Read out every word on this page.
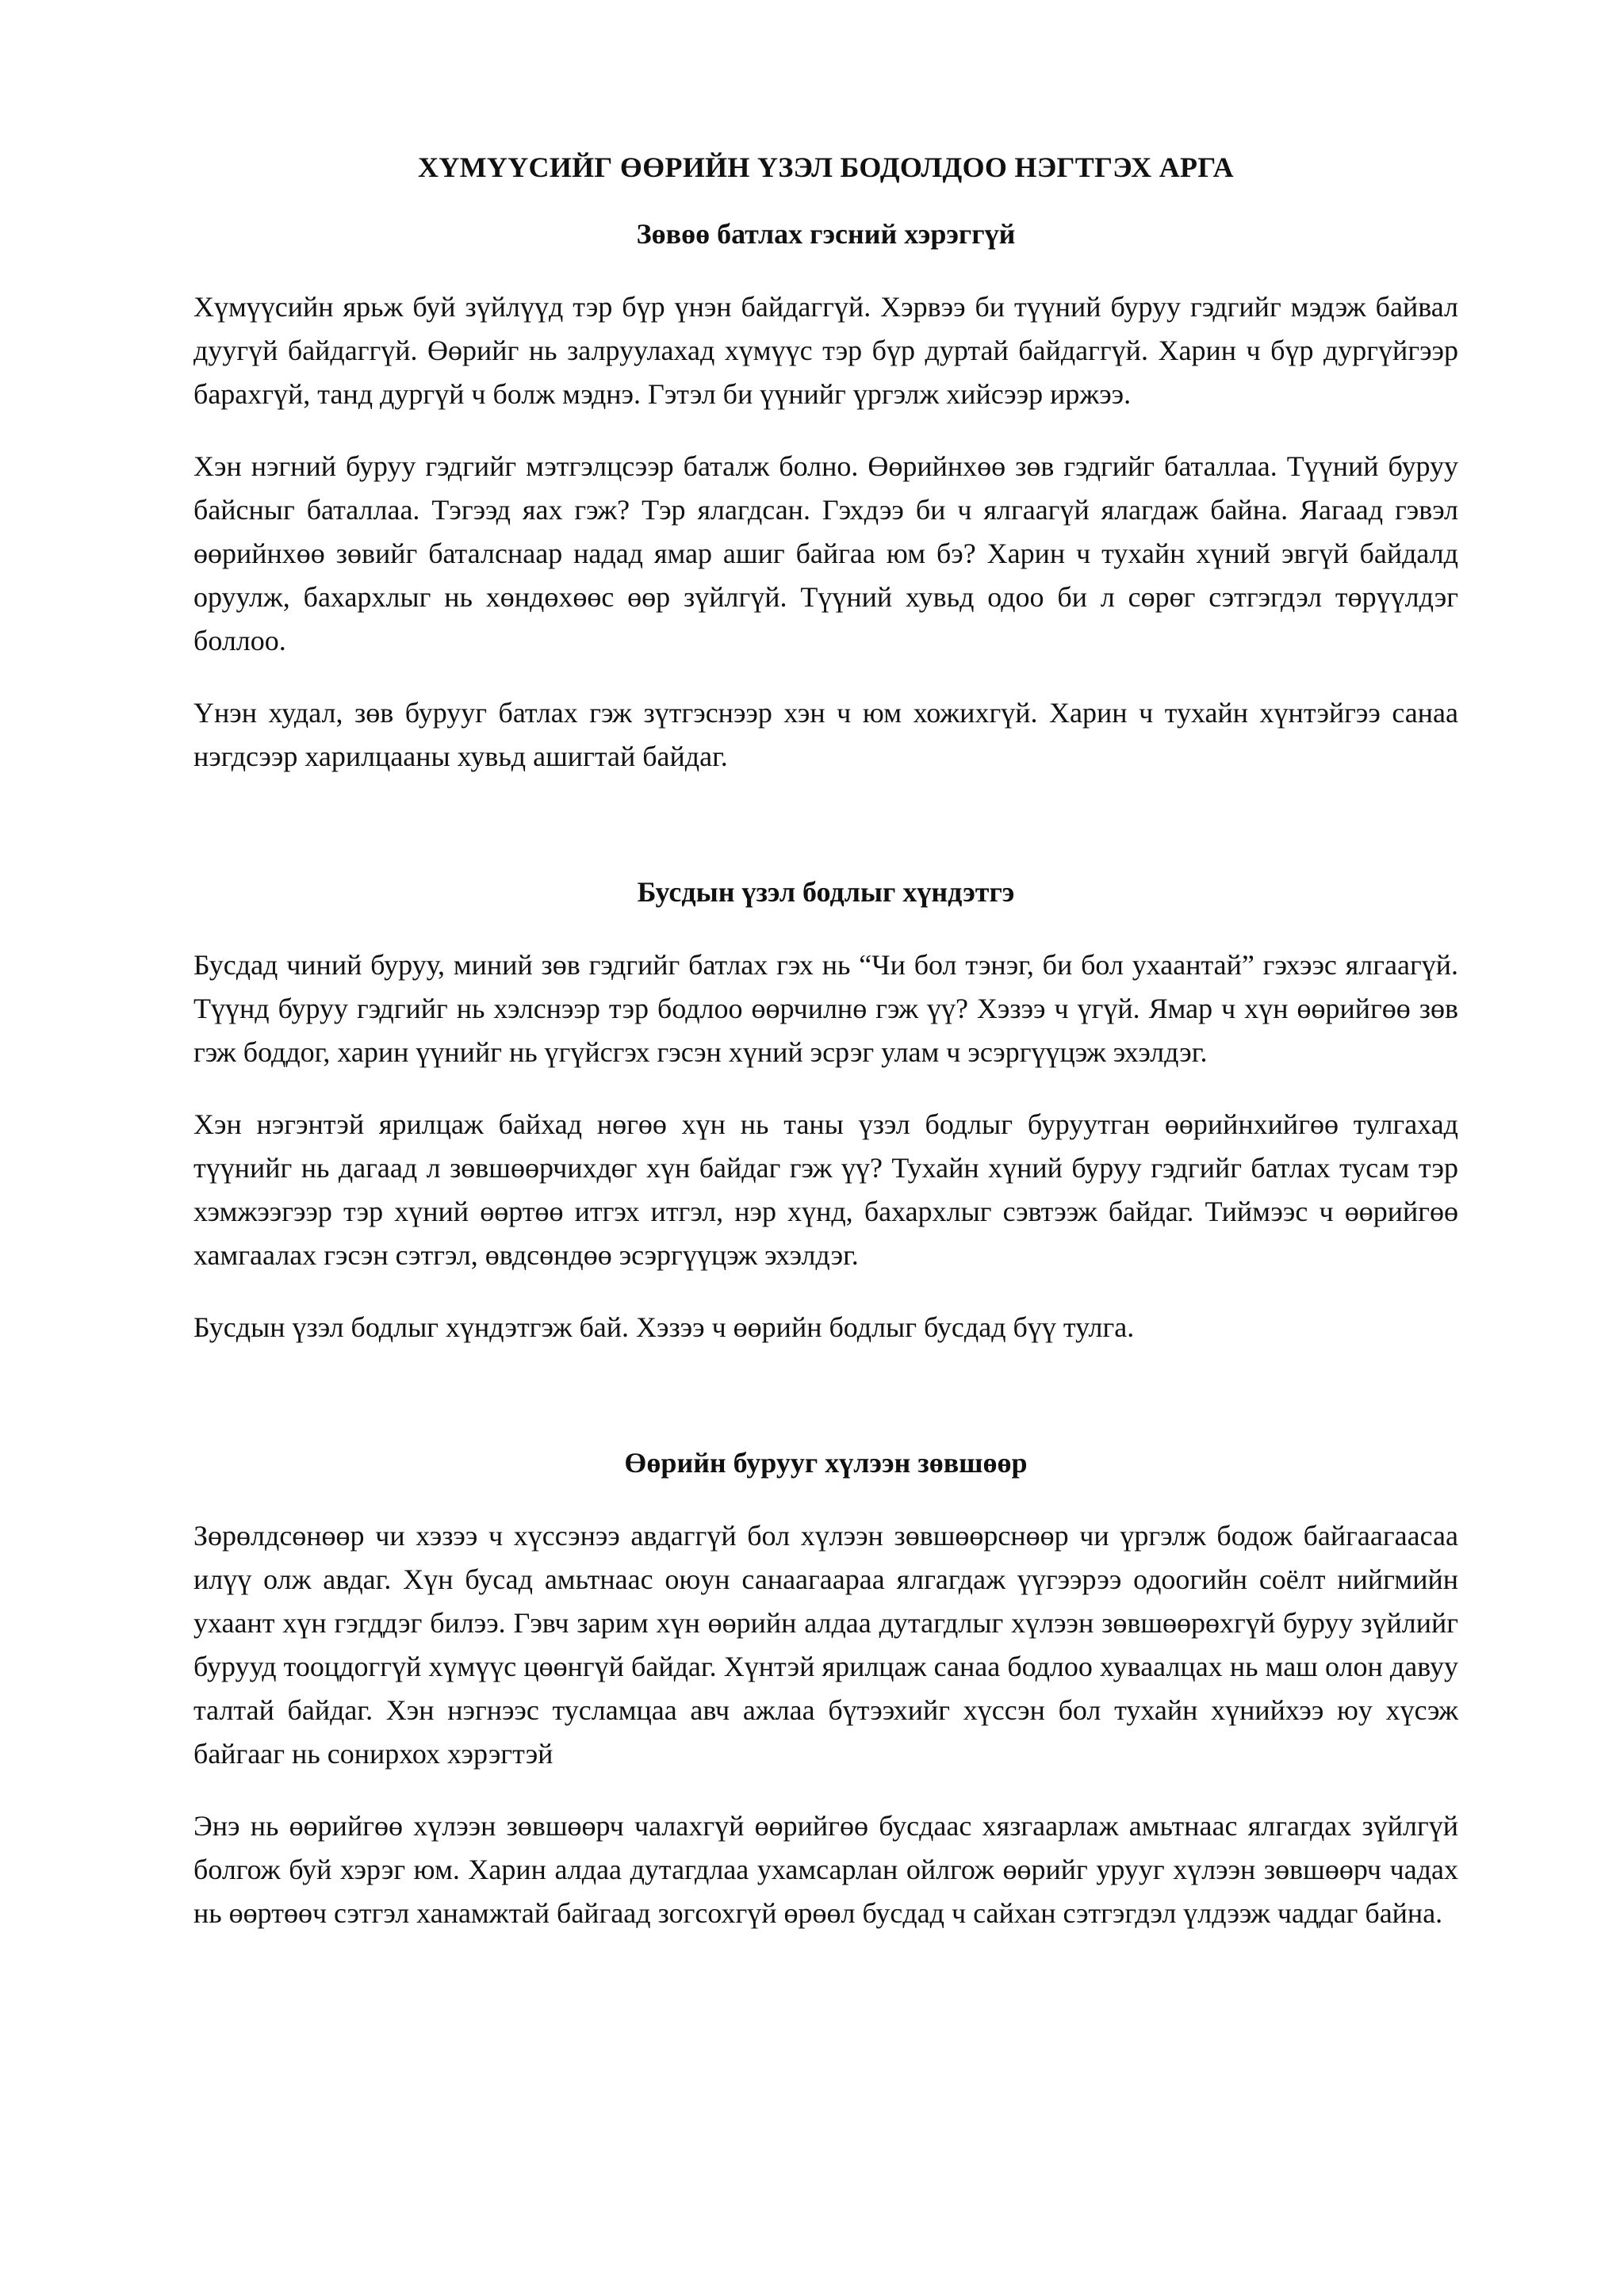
ХҮМҮҮСИЙГ ӨӨРИЙН ҮЗЭЛ БОДОЛДОО НЭГТГЭХ АРГА
Зөвөө батлах гэсний хэрэггүй

Хүмүүсийн ярьж буй зүйлүүд тэр бүр үнэн байдаггүй. Хэрвээ би түүний буруу гэдгийг мэдэж байвал дуугүй байдаггүй. Өөрийг нь залруулахад хүмүүс тэр бүр дуртай байдаггүй. Харин ч бүр дургүйгээр барахгүй, танд дургүй ч болж мэднэ. Гэтэл би үүнийг үргэлж хийсээр иржээ.

Хэн нэгний буруу гэдгийг мэтгэлцсээр баталж болно. Өөрийнхөө зөв гэдгийг баталлаа. Түүний буруу байсныг баталлаа. Тэгээд яах гэж? Тэр ялагдсан. Гэхдээ би ч ялгаагүй ялагдаж байна. Яагаад гэвэл өөрийнхөө зөвийг баталснаар надад ямар ашиг байгаа юм бэ? Харин ч тухайн хүний эвгүй байдалд оруулж, бахархлыг нь хөндөхөөс өөр зүйлгүй. Түүний хувьд одоо би л сөрөг сэтгэгдэл төрүүлдэг боллоо.

Үнэн худал, зөв бурууг батлах гэж зүтгэснээр хэн ч юм хожихгүй. Харин ч тухайн хүнтэйгээ санаа нэгдсээр харилцааны хувьд ашигтай байдаг.

Бусдын үзэл бодлыг хүндэтгэ

Бусдад чиний буруу, миний зөв гэдгийг батлах гэх нь “Чи бол тэнэг, би бол ухаантай” гэхээс ялгаагүй. Түүнд буруу гэдгийг нь хэлснээр тэр бодлоо өөрчилнө гэж үү? Хэзээ ч үгүй. Ямар ч хүн өөрийгөө зөв гэж боддог, харин үүнийг нь үгүйсгэх гэсэн хүний эсрэг улам ч эсэргүүцэж эхэлдэг.

Хэн нэгэнтэй ярилцаж байхад нөгөө хүн нь таны үзэл бодлыг буруутган өөрийнхийгөө тулгахад түүнийг нь дагаад л зөвшөөрчихдөг хүн байдаг гэж үү? Тухайн хүний буруу гэдгийг батлах тусам тэр хэмжээгээр тэр хүний өөртөө итгэх итгэл, нэр хүнд, бахархлыг сэвтээж байдаг. Тиймээс ч өөрийгөө хамгаалах гэсэн сэтгэл, өвдсөндөө эсэргүүцэж эхэлдэг.

Бусдын үзэл бодлыг хүндэтгэж бай. Хэзээ ч өөрийн бодлыг бусдад бүү тулга.

Өөрийн бурууг хүлээн зөвшөөр

Зөрөлдсөнөөр чи хэзээ ч хүссэнээ авдаггүй бол хүлээн зөвшөөрснөөр чи үргэлж бодож байгаагаасаа илүү олж авдаг. Хүн бусад амьтнаас оюун санаагаараа ялгагдаж үүгээрээ одоогийн соёлт нийгмийн ухаант хүн гэгддэг билээ. Гэвч зарим хүн өөрийн алдаа дутагдлыг хүлээн зөвшөөрөхгүй буруу зүйлийг бурууд тооцдоггүй хүмүүс цөөнгүй байдаг. Хүнтэй ярилцаж санаа бодлоо хуваалцах нь маш олон давуу талтай байдаг. Хэн нэгнээс тусламцаа авч ажлаа бүтээхийг хүссэн бол тухайн хүнийхээ юу хүсэж байгааг нь сонирхох хэрэгтэй

Энэ нь өөрийгөө хүлээн зөвшөөрч чалахгүй өөрийгөө бусдаас хязгаарлаж амьтнаас ялгагдах зүйлгүй болгож буй хэрэг юм. Харин алдаа дутагдлаа ухамсарлан ойлгож өөрийг урууг хүлээн зөвшөөрч чадах нь өөртөөч сэтгэл ханамжтай байгаад зогсохгүй өрөөл бусдад ч сайхан сэтгэгдэл үлдээж чаддаг байна.
